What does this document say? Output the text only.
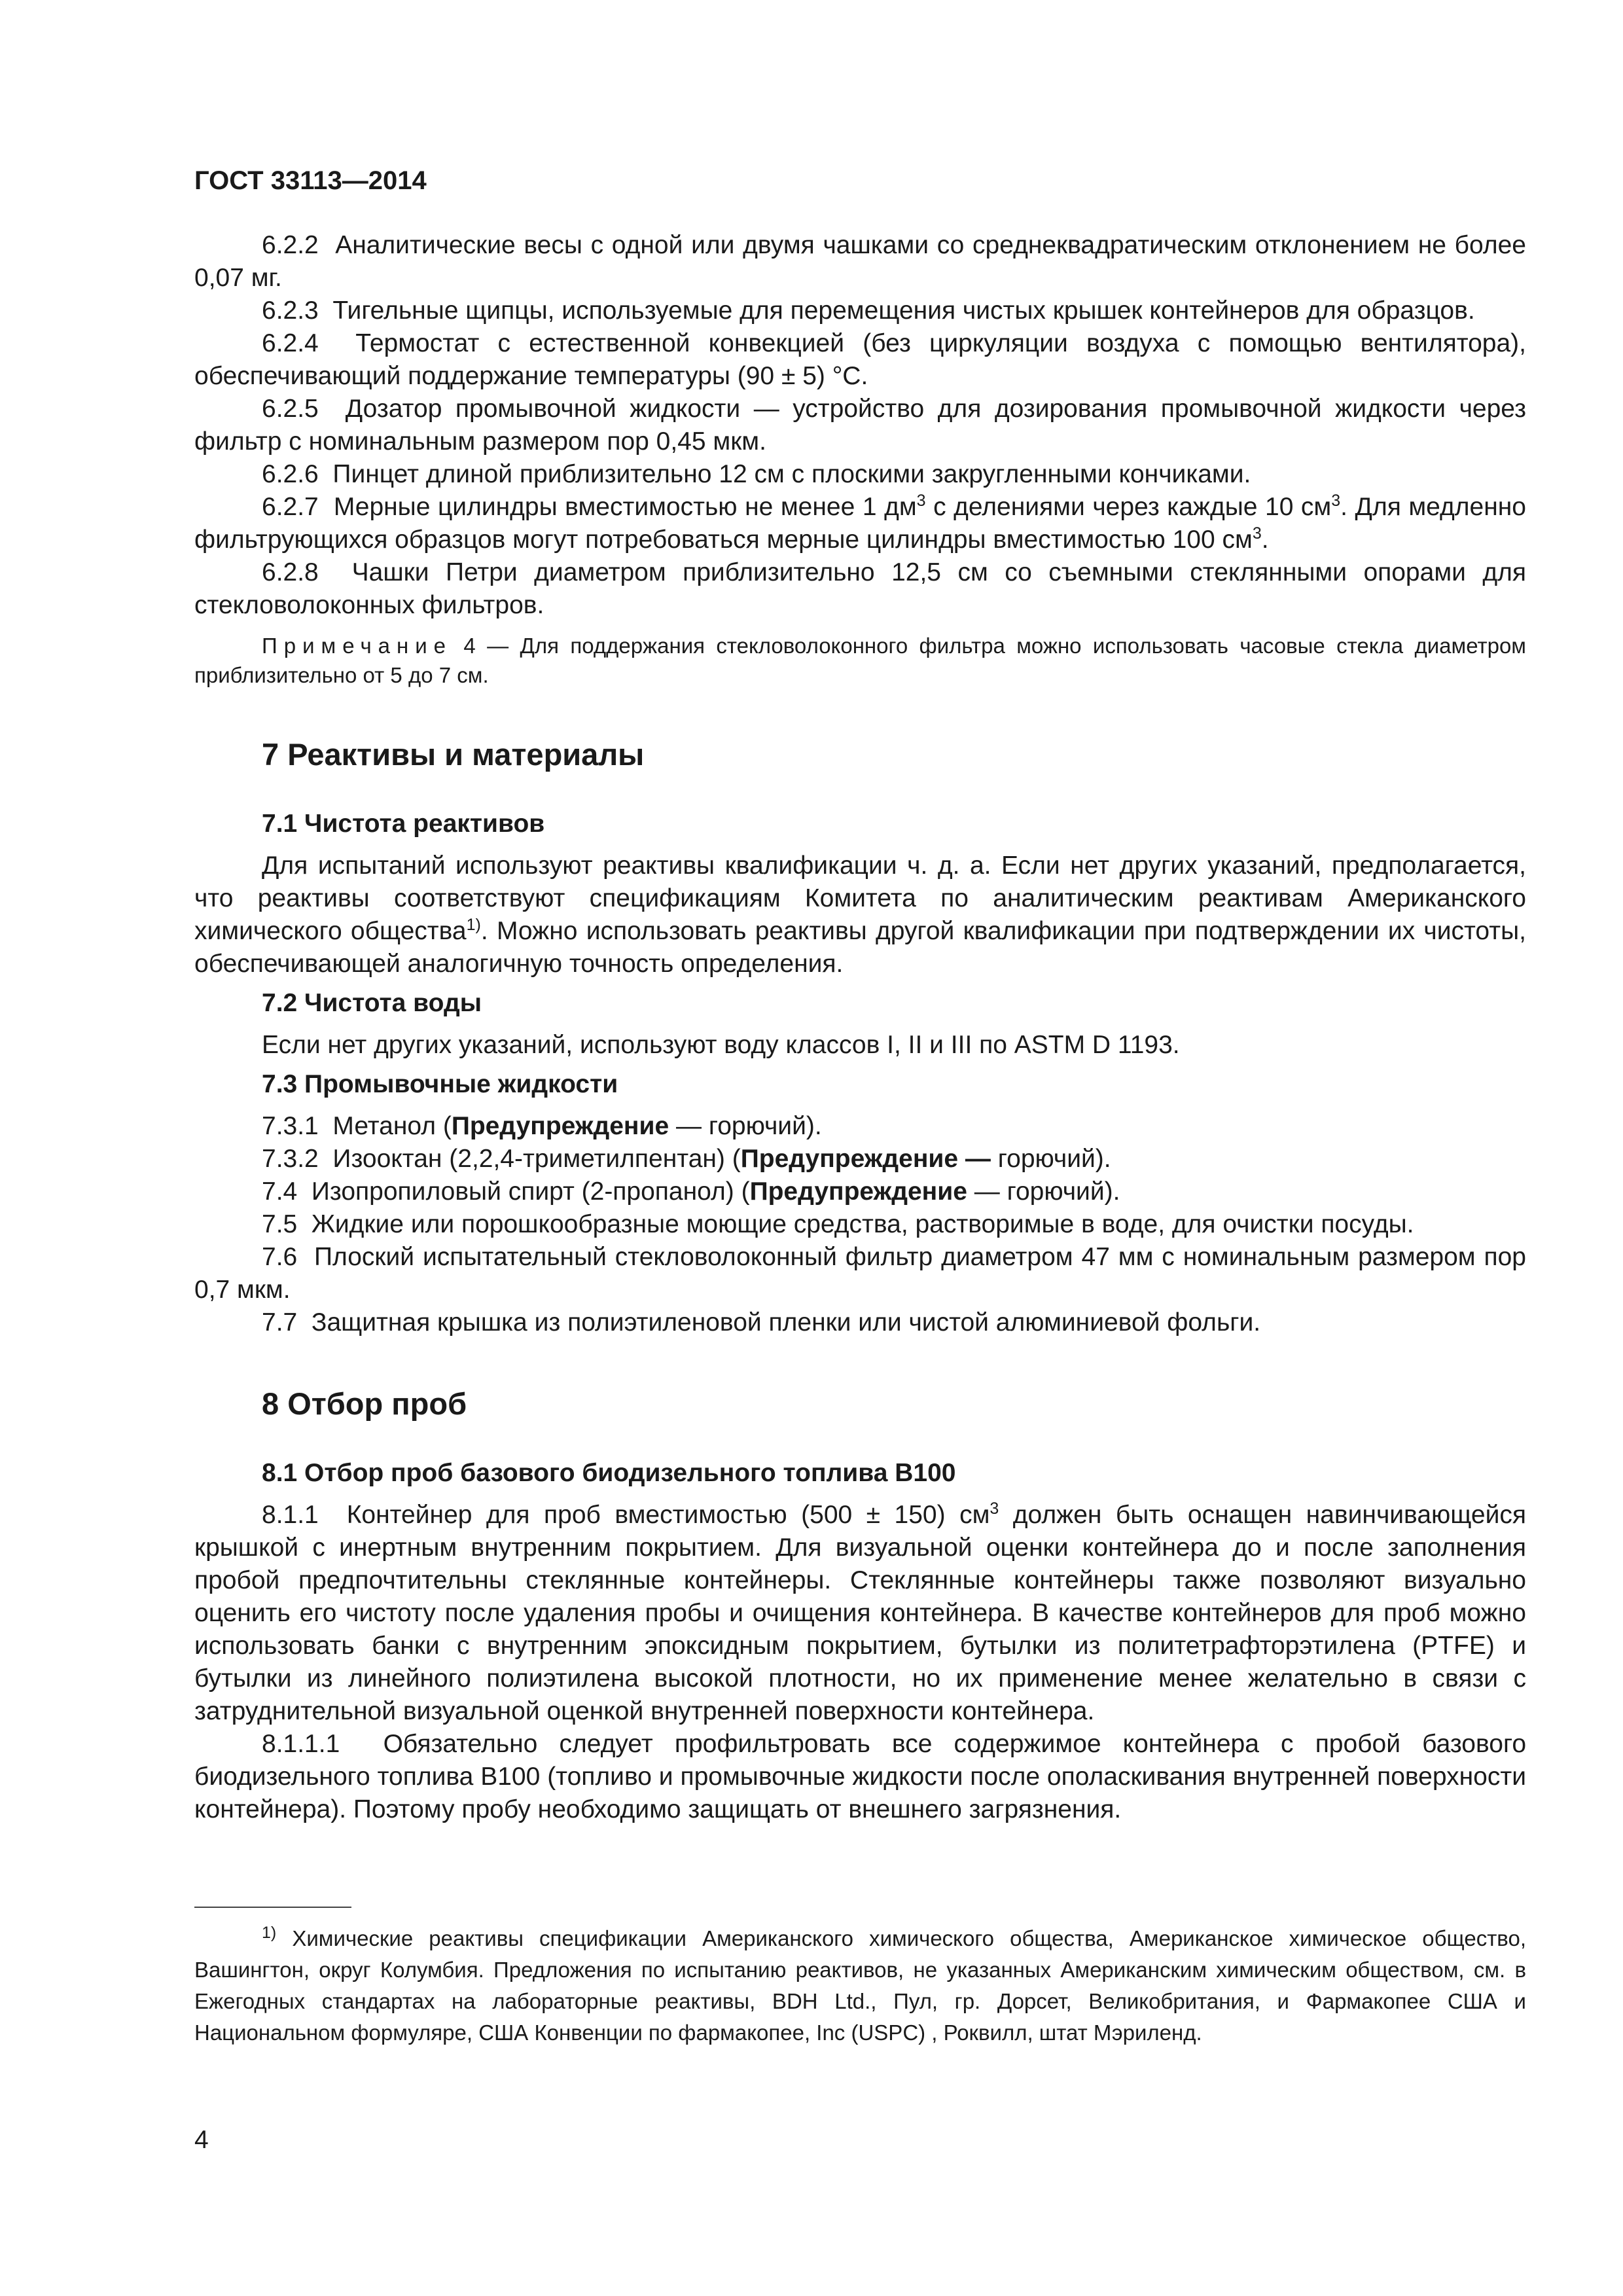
ГОСТ 33113—2014

6.2.2 Аналитические весы с одной или двумя чашками со среднеквадратическим отклонением не более 0,07 мг.

6.2.3 Тигельные щипцы, используемые для перемещения чистых крышек контейнеров для образцов.

6.2.4 Термостат с естественной конвекцией (без циркуляции воздуха с помощью вентилятора), обеспечивающий поддержание температуры (90 ± 5) °С.

6.2.5 Дозатор промывочной жидкости — устройство для дозирования промывочной жидкости через фильтр с номинальным размером пор 0,45 мкм.

6.2.6 Пинцет длиной приблизительно 12 см с плоскими закругленными кончиками.

6.2.7 Мерные цилиндры вместимостью не менее 1 $дм^3$ с делениями через каждые 10 $см^3$. Для медленно фильтрующихся образцов могут потребоваться мерные цилиндры вместимостью 100 $см^3$.

6.2.8 Чашки Петри диаметром приблизительно 12,5 см со съемными стеклянными опорами для стекловолоконных фильтров.

Примечание 4 — Для поддержания стекловолоконного фильтра можно использовать часовые стекла диаметром приблизительно от 5 до 7 см.

7 Реактивы и материалы
7.1 Чистота реактивов

Для испытаний используют реактивы квалификации ч. д. а. Если нет других указаний, предполагается, что реактивы соответствуют спецификациям Комитета по аналитическим реактивам Американского химического общества$^{1)}$. Можно использовать реактивы другой квалификации при подтверждении их чистоты, обеспечивающей аналогичную точность определения.

7.2 Чистота воды

Если нет других указаний, используют воду классов I, II и III по ASTM D 1193.

7.3 Промывочные жидкости

7.3.1 Метанол (Предупреждение — горючий).

7.3.2 Изооктан (2,2,4-триметилпентан) (Предупреждение — горючий).

7.4 Изопропиловый спирт (2-пропанол) (Предупреждение — горючий).

7.5 Жидкие или порошкообразные моющие средства, растворимые в воде, для очистки посуды.

7.6 Плоский испытательный стекловолоконный фильтр диаметром 47 мм с номинальным размером пор 0,7 мкм.

7.7 Защитная крышка из полиэтиленовой пленки или чистой алюминиевой фольги.

8 Отбор проб
8.1 Отбор проб базового биодизельного топлива В100

8.1.1 Контейнер для проб вместимостью (500 ± 150) $см^3$ должен быть оснащен навинчивающейся крышкой с инертным внутренним покрытием. Для визуальной оценки контейнера до и после заполнения пробой предпочтительны стеклянные контейнеры. Стеклянные контейнеры также позволяют визуально оценить его чистоту после удаления пробы и очищения контейнера. В качестве контейнеров для проб можно использовать банки с внутренним эпоксидным покрытием, бутылки из политетрафторэтилена (PTFE) и бутылки из линейного полиэтилена высокой плотности, но их применение менее желательно в связи с затруднительной визуальной оценкой внутренней поверхности контейнера.

8.1.1.1 Обязательно следует профильтровать все содержимое контейнера с пробой базового биодизельного топлива В100 (топливо и промывочные жидкости после ополаскивания внутренней поверхности контейнера). Поэтому пробу необходимо защищать от внешнего загрязнения.

$^{1)}$ Химические реактивы спецификации Американского химического общества, Американское химическое общество, Вашингтон, округ Колумбия. Предложения по испытанию реактивов, не указанных Американским химическим обществом, см. в Ежегодных стандартах на лабораторные реактивы, BDH Ltd., Пул, гр. Дорсет, Великобритания, и Фармакопее США и Национальном формуляре, США Конвенции по фармакопее, Inc (USPC) , Роквилл, штат Мэриленд.

4
